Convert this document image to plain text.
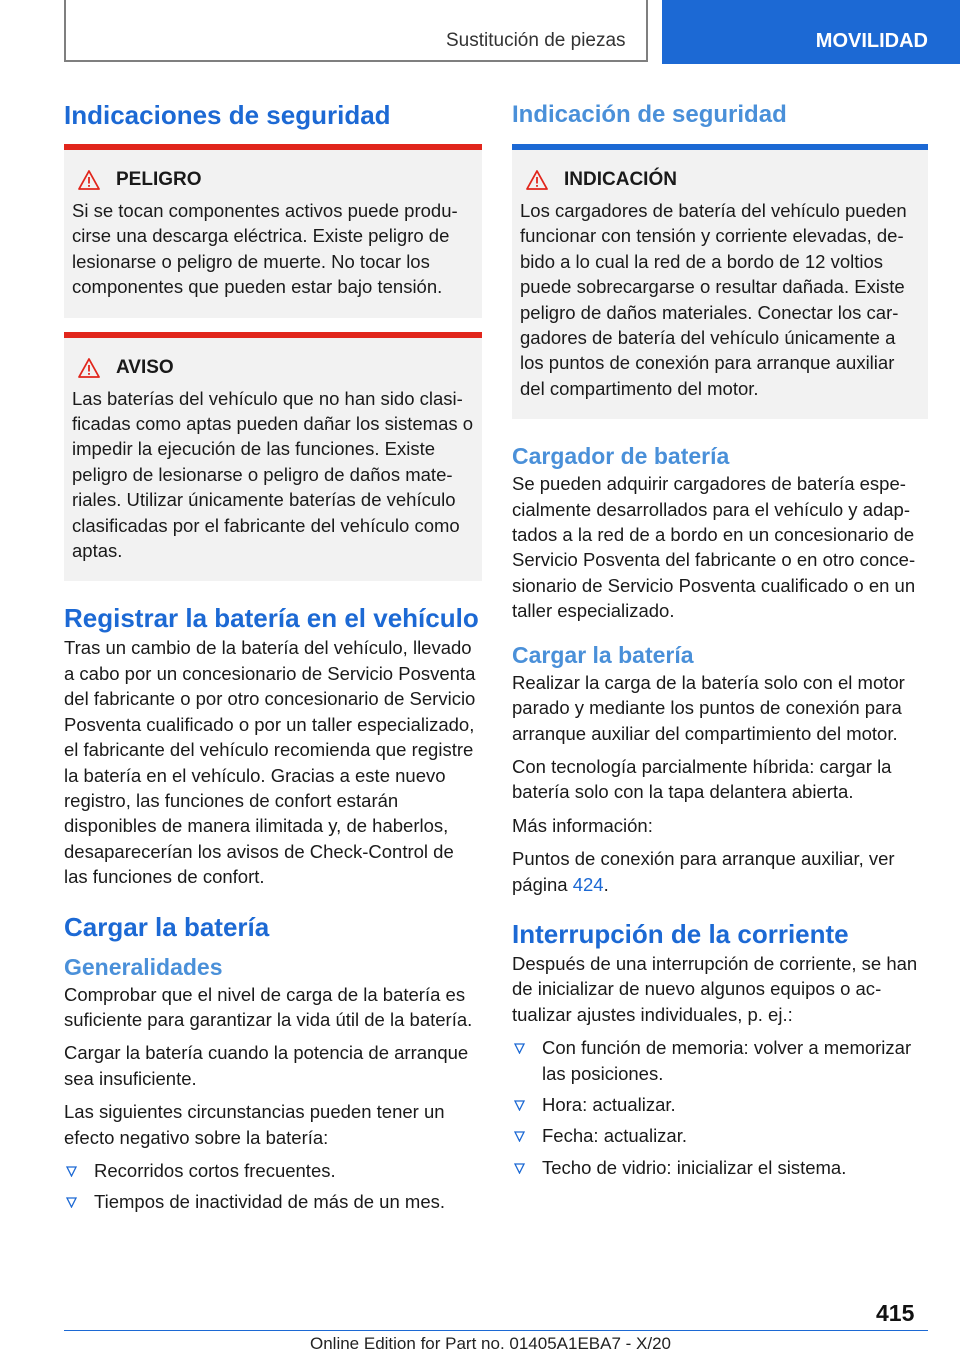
Sustitución de piezas	MOVILIDAD
Indicaciones de seguridad
PELIGRO

Si se tocan componentes activos puede producirse una descarga eléctrica. Existe peligro de lesionarse o peligro de muerte. No tocar los componentes que pueden estar bajo tensión.

AVISO

Las baterías del vehículo que no han sido clasificadas como aptas pueden dañar los sistemas o impedir la ejecución de las funciones. Existe peligro de lesionarse o peligro de daños materiales. Utilizar únicamente baterías de vehículo clasificadas por el fabricante del vehículo como aptas.

Registrar la batería en el vehículo

Tras un cambio de la batería del vehículo, llevado a cabo por un concesionario de Servicio Posventa del fabricante o por otro concesionario de Servicio Posventa cualificado o por un taller especializado, el fabricante del vehículo recomienda que registre la batería en el vehículo. Gracias a este nuevo registro, las funciones de confort estarán disponibles de manera ilimitada y, de haberlos, desaparecerían los avisos de Check-Control de las funciones de confort.

Cargar la batería
Generalidades

Comprobar que el nivel de carga de la batería es suficiente para garantizar la vida útil de la batería.

Cargar la batería cuando la potencia de arranque sea insuficiente.

Las siguientes circunstancias pueden tener un efecto negativo sobre la batería:

Recorridos cortos frecuentes.
Tiempos de inactividad de más de un mes.
Indicación de seguridad
INDICACIÓN

Los cargadores de batería del vehículo pueden funcionar con tensión y corriente elevadas, debido a lo cual la red de a bordo de 12 voltios puede sobrecargarse o resultar dañada. Existe peligro de daños materiales. Conectar los cargadores de batería del vehículo únicamente a los puntos de conexión para arranque auxiliar del compartimento del motor.

Cargador de batería

Se pueden adquirir cargadores de batería especialmente desarrollados para el vehículo y adaptados a la red de a bordo en un concesionario de Servicio Posventa del fabricante o en otro concesionario de Servicio Posventa cualificado o en un taller especializado.

Cargar la batería

Realizar la carga de la batería solo con el motor parado y mediante los puntos de conexión para arranque auxiliar del compartimiento del motor.

Con tecnología parcialmente híbrida: cargar la batería solo con la tapa delantera abierta.

Más información:

Puntos de conexión para arranque auxiliar, ver página 424.

Interrupción de la corriente

Después de una interrupción de corriente, se han de inicializar de nuevo algunos equipos o actualizar ajustes individuales, p. ej.:

Con función de memoria: volver a memorizar las posiciones.
Hora: actualizar.
Fecha: actualizar.
Techo de vidrio: inicializar el sistema.
415
Online Edition for Part no. 01405A1EBA7 - X/20
